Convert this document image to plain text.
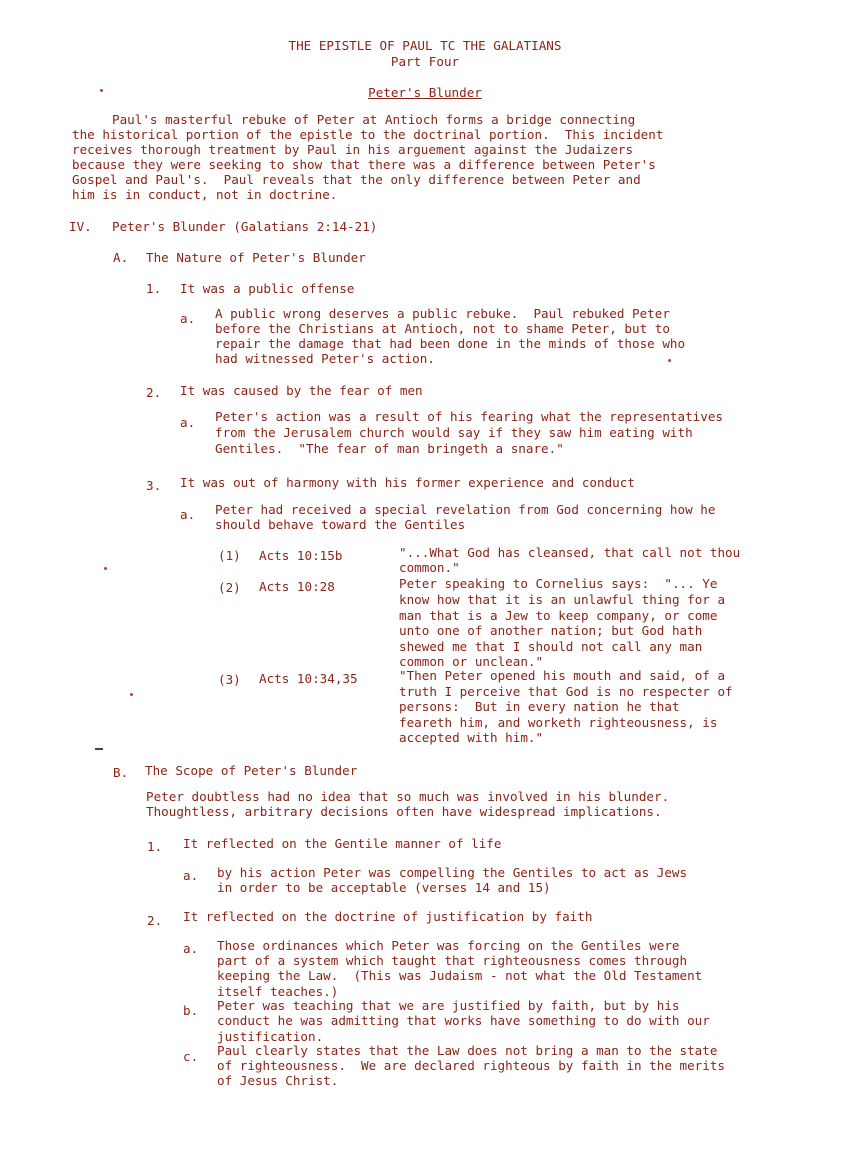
THE EPISTLE OF PAUL TC THE GALATIANS
Part Four
Peter's Blunder
Paul's masterful rebuke of Peter at Antioch forms a bridge connecting
the historical portion of the epistle to the doctrinal portion.  This incident
receives thorough treatment by Paul in his arguement against the Judaizers
because they were seeking to show that there was a difference between Peter's
Gospel and Paul's.  Paul reveals that the only difference between Peter and
him is in conduct, not in doctrine.
IV. Peter's Blunder (Galatians 2:14-21)
A. The Nature of Peter's Blunder
1. It was a public offense
a. A public wrong deserves a public rebuke.  Paul rebuked Peter
before the Christians at Antioch, not to shame Peter, but to
repair the damage that had been done in the minds of those who
had witnessed Peter's action.
2. It was caused by the fear of men
a. Peter's action was a result of his fearing what the representatives
from the Jerusalem church would say if they saw him eating with
Gentiles.  "The fear of man bringeth a snare."
3. It was out of harmony with his former experience and conduct
a. Peter had received a special revelation from God concerning how he
should behave toward the Gentiles
(1) Acts 10:15b	"...What God has cleansed, that call not thou
common."
(2) Acts 10:28	Peter speaking to Cornelius says:  "... Ye
know how that it is an unlawful thing for a
man that is a Jew to keep company, or come
unto one of another nation; but God hath
shewed me that I should not call any man
common or unclean."
(3) Acts 10:34,35	"Then Peter opened his mouth and said, of a
truth I perceive that God is no respecter of
persons:  But in every nation he that
feareth him, and worketh righteousness, is
accepted with him."
B. The Scope of Peter's Blunder
Peter doubtless had no idea that so much was involved in his blunder.
Thoughtless, arbitrary decisions often have widespread implications.
1. It reflected on the Gentile manner of life
a. by his action Peter was compelling the Gentiles to act as Jews
in order to be acceptable (verses 14 and 15)
2. It reflected on the doctrine of justification by faith
a. Those ordinances which Peter was forcing on the Gentiles were
part of a system which taught that righteousness comes through
keeping the Law.  (This was Judaism - not what the Old Testament
itself teaches.)
b. Peter was teaching that we are justified by faith, but by his
conduct he was admitting that works have something to do with our
justification.
c. Paul clearly states that the Law does not bring a man to the state
of righteousness.  We are declared righteous by faith in the merits
of Jesus Christ.
